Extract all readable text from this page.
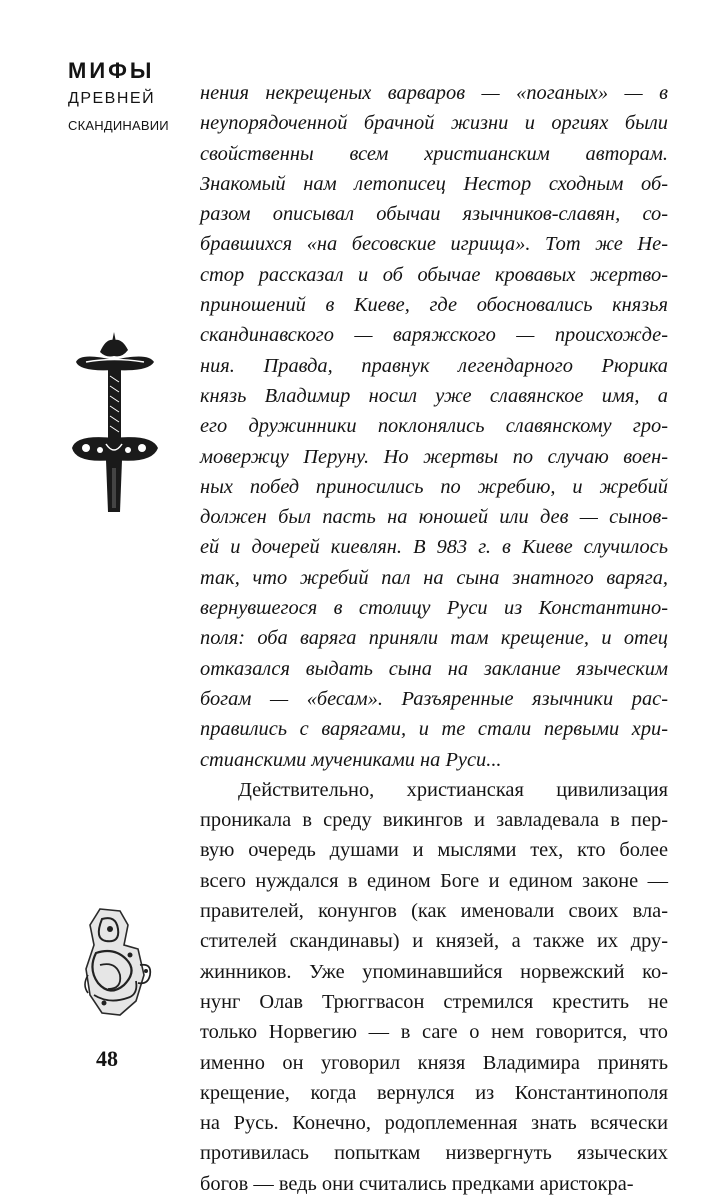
МИФЫ
ДРЕВНЕЙ
СКАНДИНАВИИ
48
нения некрещеных варваров — «поганых» — в
неупорядоченной брачной жизни и оргиях были
свойственны всем христианским авторам.
Знакомый нам летописец Нестор сходным об-
разом описывал обычаи язычников-славян, со-
бравшихся «на бесовские игрища». Тот же Не-
стор рассказал и об обычае кровавых жертво-
приношений в Киеве, где обосновались князья
скандинавского — варяжского — происхожде-
ния. Правда, правнук легендарного Рюрика
князь Владимир носил уже славянское имя, а
его дружинники поклонялись славянскому гро-
мовержцу Перуну. Но жертвы по случаю воен-
ных побед приносились по жребию, и жребий
должен был пасть на юношей или дев — сынов-
ей и дочерей киевлян. В 983 г. в Киеве случилось
так, что жребий пал на сына знатного варяга,
вернувшегося в столицу Руси из Константино-
поля: оба варяга приняли там крещение, и отец
отказался выдать сына на заклание языческим
богам — «бесам». Разъяренные язычники рас-
правились с варягами, и те стали первыми хри-
стианскими мучениками на Руси...
Действительно, христианская цивилизация
проникала в среду викингов и завладевала в пер-
вую очередь душами и мыслями тех, кто более
всего нуждался в едином Боге и едином законе —
правителей, конунгов (как именовали своих вла-
стителей скандинавы) и князей, а также их дру-
жинников. Уже упоминавшийся норвежский ко-
нунг Олав Трюггвасон стремился крестить не
только Норвегию — в саге о нем говорится, что
именно он уговорил князя Владимира принять
крещение, когда вернулся из Константинополя
на Русь. Конечно, родоплеменная знать всячески
противилась попыткам низвергнуть языческих
богов — ведь они считались предками аристокра-
